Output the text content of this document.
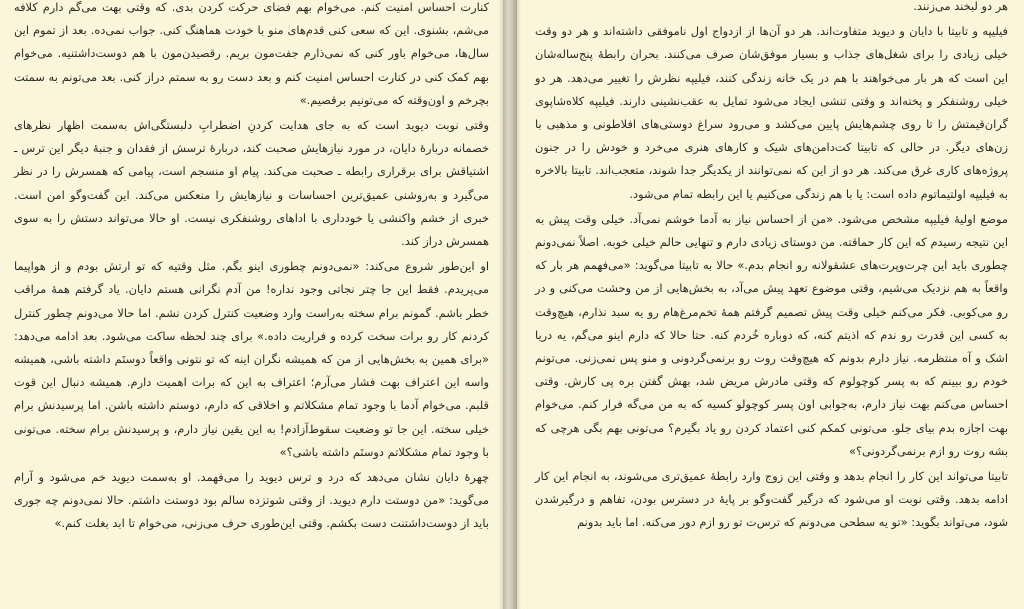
کنارت احساس امنیت کنم. می‌خوام بهم فضای حرکت کردن بدی. که وقتی بهت می‌گم دارم کلافه می‌شم، بشنوی. این که سعی کنی قدم‌های منو با خودت هماهنگ کنی. جواب نمی‌ده. بعد از تموم این سال‌ها، می‌خوام باور کنی که نمی‌ذارم جفت‌مون بریم. رقصیدن‌مون با هم دوست‌داشتنیه. می‌خوام بهم کمک کنی در کنارت احساس امنیت کنم و بعد دست رو به سمتم دراز کنی. بعد می‌تونم به سمتت بچرخم و اون‌وقته که می‌تونیم برقصیم.»

وقتی نوبت دیوید است که به جای هدایت کردنِ اضطرابِ دلبستگی‌اش به‌سمت اظهار نظرهای خصمانه دربارهٔ دایان، در مورد نیازهایش صحبت کند، دربارهٔ ترسش از فقدان و جنبهٔ دیگر این ترس ـ اشتیاقش برای برقراری رابطه ـ صحبت می‌کند. پیام او منسجم است، پیامی که همسرش را در نظر می‌گیرد و به‌روشنی عمیق‌ترین احساسات و نیازهایش را منعکس می‌کند. این گفت‌وگو امن است. خبری از خشم واکنشی یا خودداری با اداهای روشنفکری نیست. او حالا می‌تواند دستش را به سوی همسرش دراز کند.

او این‌طور شروع می‌کند: «نمی‌دونم چطوری اینو بگم. مثل وقتیه که تو ارتش بودم و از هواپیما می‌پریدم. فقط این جا چتر نجاتی وجود نداره! من آدم نگرانی هستم دایان. یاد گرفتم همهٔ مراقب خطر باشم. گمونم برام سخته به‌راست وارد وضعیت کنترل کردن نشم. اما حالا می‌دونم چطور کنترل کردنم کار رو برات سخت کرده و فراریت داده.» برای چند لحظه ساکت می‌شود. بعد ادامه می‌دهد: «برای همین به بخش‌هایی از من که همیشه نگران اینه که تو نتونی واقعاً دوستَم داشته باشی، همیشه واسه این اعتراف بهت فشار می‌آرم؛ اعتراف به این که برات اهمیت دارم. همیشه دنبال این قوت قلبم. می‌خوام آدما با وجود تمام مشکلاتم و اخلاقی که دارم، دوستم داشته باشن. اما پرسیدنش برام خیلی سخته. این جا تو وضعیت سقوط‌آزادم! به این یقین نیاز دارم، و پرسیدنش برام سخته. می‌تونی با وجود تمام مشکلاتم دوستَم داشته باشی؟»

چهرهٔ دایان نشان می‌دهد که درد و ترس دیوید را می‌فهمد. او به‌سمت دیوید خم می‌شود و آرام می‌گوید: «من دوستت دارم دیوید. از وقتی شوتزده سالم بود دوستت داشتم. حالا نمی‌دونم چه جوری باید از دوست‌داشتنت دست بکشم. وقتی این‌طوری حرف می‌زنی، می‌خوام تا ابد بغلت کنم.»

هر دو لبخند می‌زنند.

فیلیپه و تابیتا با دایان و دیوید متفاوت‌اند. هر دو آن‌ها از ازدواج اول ناموفقی داشته‌اند و هر دو وقت خیلی زیادی را برای شغل‌های جذاب و بسیار موفق‌شان صرف می‌کنند. بحران رابطهٔ پنج‌ساله‌شان این است که هر بار می‌خواهند با هم در یک خانه زندگی کنند، فیلیپه نظرش را تغییر می‌دهد. هر دو خیلی روشنفکر و پخته‌اند و وقتی تنشی ایجاد می‌شود تمایل به عقب‌نشینی دارند. فیلیپه کلاه‌شاپوی گران‌قیمتش را تا روی چشم‌هایش پایین می‌کشد و می‌رود سراغ دوستی‌های افلاطونی و مذهبی با زن‌های دیگر. در حالی که تابیتا کت‌دامن‌های شیک و کارهای هنری می‌خرد و خودش را در جنون پروژه‌های کاری غرق می‌کند. هر دو از این که نمی‌توانند از یکدیگر جدا شوند، متعجب‌اند. تابیتا بالاخره به فیلیپه اولتیماتوم داده است: یا با هم زندگی می‌کنیم یا این رابطه تمام می‌شود.

موضع اولیهٔ فیلیپه مشخص می‌شود. «من از احساس نیاز به آدما خوشم نمی‌آد. خیلی وقت پیش به این نتیجه رسیدم که این کار حماقته. من دوستای زیادی دارم و تنهایی حالم خیلی خوبه. اصلاً نمی‌دونم چطوری باید این چرت‌وپرت‌های عشقولانه رو انجام بدم.» حالا به تابیتا می‌گوید: «می‌فهمم هر بار که واقعاً به هم نزدیک می‌شیم، وقتی موضوع تعهد پیش می‌آد، به بخش‌هایی از من وحشت می‌کنی و در رو می‌کوبی. فکر می‌کنم خیلی وقت پیش تصمیم گرفتم همهٔ تخم‌مرغ‌هام رو یه سبد نذارم، هیچ‌وقت به کسی این قدرت رو ندم که اذیتم کنه، که دوباره خُردم کنه. حتا حالا که دارم اینو می‌گم، یه دریا اشک و آه منتظرمه. نیاز دارم بدونم که هیچ‌وقت روت رو برنمی‌گردونی و منو پس نمی‌زنی. می‌تونم خودم رو ببینم که به پسر کوچولوم که وقتی مادرش مریض شد، بهش گفتن بره پی کارش. وقتی احساس می‌کنم بهت نیاز دارم، به‌جوابی اون پسر کوچولو کسیه که به من می‌گه فرار کنم. می‌خوام بهت اجازه بدم بیای جلو. می‌تونی کمکم کنی اعتماد کردن رو یاد بگیرم؟ می‌تونی بهم بگی هرچی که بشه روت رو ازم برنمی‌گردونی؟»

تابیتا می‌تواند این کار را انجام بدهد و وقتی این زوج وارد رابطهٔ عمیق‌تری می‌شوند، به انجام این کار ادامه بدهد. وقتی نوبت او می‌شود که درگیر گفت‌وگو بر پایهٔ در دسترس بودن، تفاهم و درگیرشدن شود، می‌تواند بگوید: «تو یه سطحی می‌دونم که ترس‌ت تو رو ازم دور می‌کنه. اما باید بدونم
